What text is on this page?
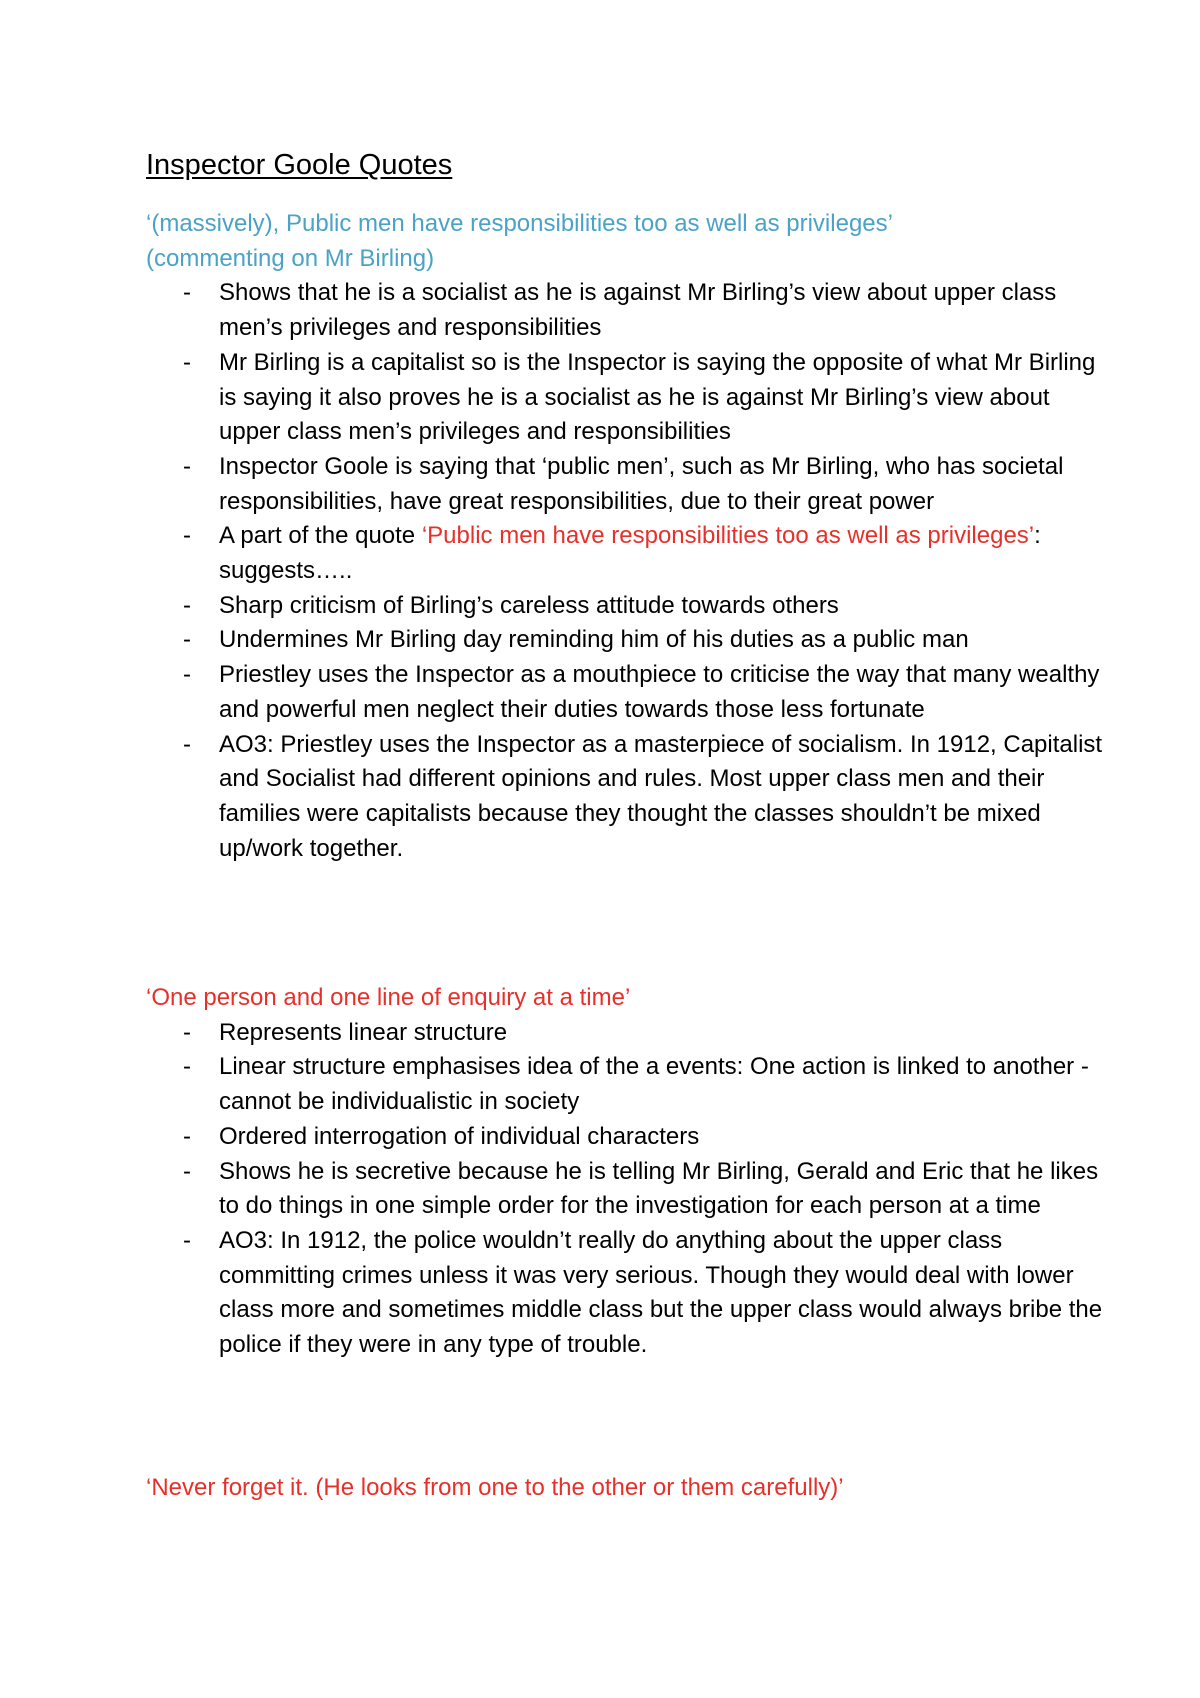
Inspector Goole Quotes

‘(massively), Public men have responsibilities too as well as privileges’

(commenting on Mr Birling)

- Shows that he is a socialist as he is against Mr Birling’s view about upper class men’s privileges and responsibilities
- Mr Birling is a capitalist so is the Inspector is saying the opposite of what Mr Birling is saying it also proves he is a socialist as he is against Mr Birling’s view about upper class men’s privileges and responsibilities
- Inspector Goole is saying that ‘public men’, such as Mr Birling, who has societal responsibilities, have great responsibilities, due to their great power
- A part of the quote ‘Public men have responsibilities too as well as privileges’: suggests…..
- Sharp criticism of Birling’s careless attitude towards others
- Undermines Mr Birling day reminding him of his duties as a public man
- Priestley uses the Inspector as a mouthpiece to criticise the way that many wealthy and powerful men neglect their duties towards those less fortunate
- AO3: Priestley uses the Inspector as a masterpiece of socialism. In 1912, Capitalist and Socialist had different opinions and rules. Most upper class men and their families were capitalists because they thought the classes shouldn’t be mixed up/work together.

‘One person and one line of enquiry at a time’

- Represents linear structure
- Linear structure emphasises idea of the a events: One action is linked to another - cannot be individualistic in society
- Ordered interrogation of individual characters
- Shows he is secretive because he is telling Mr Birling, Gerald and Eric that he likes to do things in one simple order for the investigation for each person at a time
- AO3: In 1912, the police wouldn’t really do anything about the upper class committing crimes unless it was very serious. Though they would deal with lower class more and sometimes middle class but the upper class would always bribe the police if they were in any type of trouble.

‘Never forget it. (He looks from one to the other or them carefully)’
